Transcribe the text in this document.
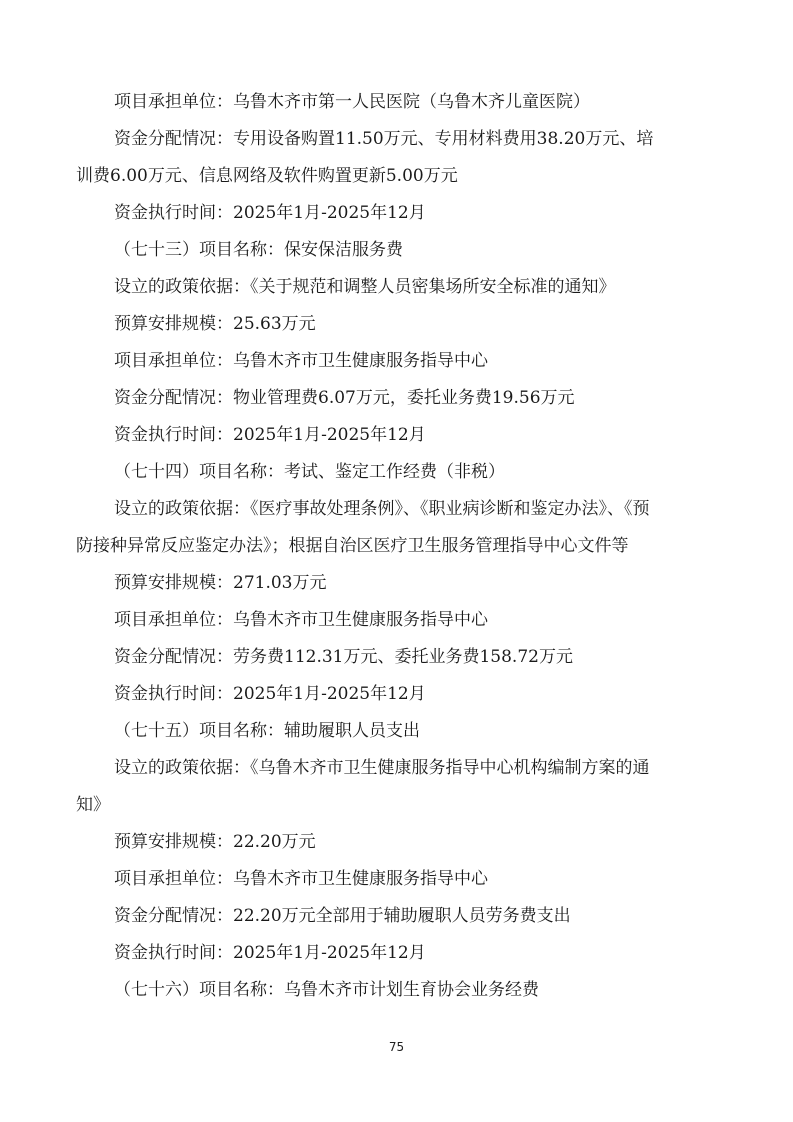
项目承担单位：乌鲁木齐市第一人民医院（乌鲁木齐儿童医院）
资金分配情况：专用设备购置11.50万元、专用材料费用38.20万元、培
训费6.00万元、信息网络及软件购置更新5.00万元
资金执行时间：2025年1月-2025年12月
（七十三）项目名称：保安保洁服务费
设立的政策依据：《关于规范和调整人员密集场所安全标准的通知》
预算安排规模：25.63万元
项目承担单位：乌鲁木齐市卫生健康服务指导中心
资金分配情况：物业管理费6.07万元，委托业务费19.56万元
资金执行时间：2025年1月-2025年12月
（七十四）项目名称：考试、鉴定工作经费（非税）
设立的政策依据：《医疗事故处理条例》、《职业病诊断和鉴定办法》、《预
防接种异常反应鉴定办法》；根据自治区医疗卫生服务管理指导中心文件等
预算安排规模：271.03万元
项目承担单位：乌鲁木齐市卫生健康服务指导中心
资金分配情况：劳务费112.31万元、委托业务费158.72万元
资金执行时间：2025年1月-2025年12月
（七十五）项目名称：辅助履职人员支出
设立的政策依据：《乌鲁木齐市卫生健康服务指导中心机构编制方案的通
知》
预算安排规模：22.20万元
项目承担单位：乌鲁木齐市卫生健康服务指导中心
资金分配情况：22.20万元全部用于辅助履职人员劳务费支出
资金执行时间：2025年1月-2025年12月
（七十六）项目名称：乌鲁木齐市计划生育协会业务经费
75
